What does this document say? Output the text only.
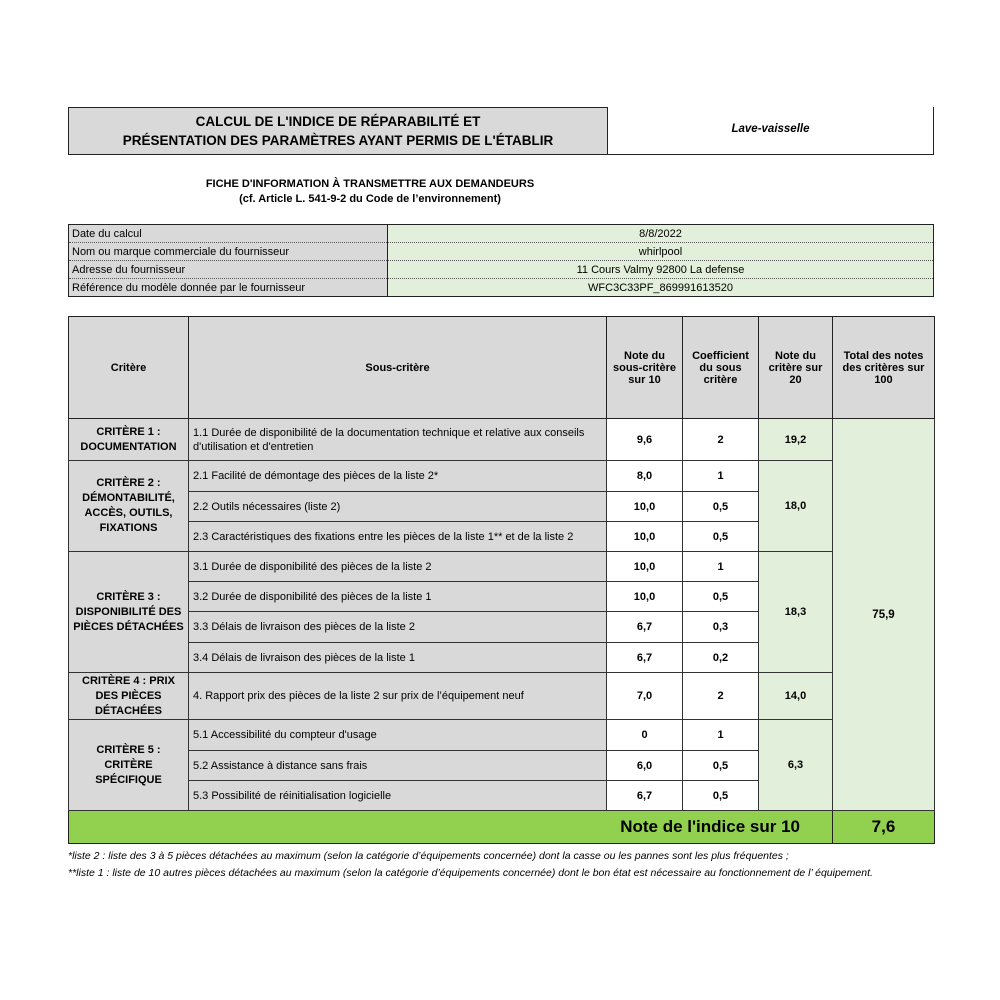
CALCUL DE L'INDICE DE RÉPARABILITÉ ET
PRÉSENTATION DES PARAMÈTRES AYANT PERMIS DE L'ÉTABLIR
Lave-vaisselle
FICHE D'INFORMATION À TRANSMETTRE AUX DEMANDEURS
(cf. Article L. 541-9-2 du Code de l’environnement)
Date du calcul	8/8/2022
Nom ou marque commerciale du fournisseur	whirlpool
Adresse du fournisseur	11 Cours Valmy 92800 La defense
Référence du modèle donnée par le fournisseur	WFC3C33PF_869991613520
Critère	Sous-critère	Note du sous-critère sur 10	Coefficient du sous critère	Note du critère sur 20	Total des notes des critères sur 100
CRITÈRE 1 : DOCUMENTATION	1.1 Durée de disponibilité de la documentation technique et relative aux conseils d'utilisation et d'entretien	9,6	2	19,2	75,9
CRITÈRE 2 : DÉMONTABILITÉ, ACCÈS, OUTILS, FIXATIONS	2.1 Facilité de démontage des pièces de la liste 2*	8,0	1	18,0	
	2.2 Outils nécessaires (liste 2)	10,0	0,5		
	2.3 Caractéristiques des fixations entre les pièces de la liste 1** et de la liste 2	10,0	0,5		
CRITÈRE 3 : DISPONIBILITÉ DES PIÈCES DÉTACHÉES	3.1 Durée de disponibilité des pièces de la liste 2	10,0	1	18,3	
	3.2 Durée de disponibilité des pièces de la liste 1	10,0	0,5		
	3.3 Délais de livraison des pièces de la liste 2	6,7	0,3		
	3.4 Délais de livraison des pièces de la liste 1	6,7	0,2		
CRITÈRE 4 : PRIX DES PIÈCES DÉTACHÉES	4. Rapport prix des pièces de la liste 2 sur prix de l’équipement neuf	7,0	2	14,0	
CRITÈRE 5 : CRITÈRE SPÉCIFIQUE	5.1 Accessibilité du compteur d'usage	0	1	6,3	
	5.2 Assistance à distance sans frais	6,0	0,5		
	5.3 Possibilité de réinitialisation logicielle	6,7	0,5		
Note de l'indice sur 10					7,6
*liste 2 : liste des 3 à 5 pièces détachées au maximum (selon la catégorie d’équipements concernée) dont la casse ou les pannes sont les plus fréquentes ;
**liste 1 : liste de 10 autres pièces détachées au maximum (selon la catégorie d’équipements concernée) dont le bon état est nécessaire au fonctionnement de l’ équipement.
